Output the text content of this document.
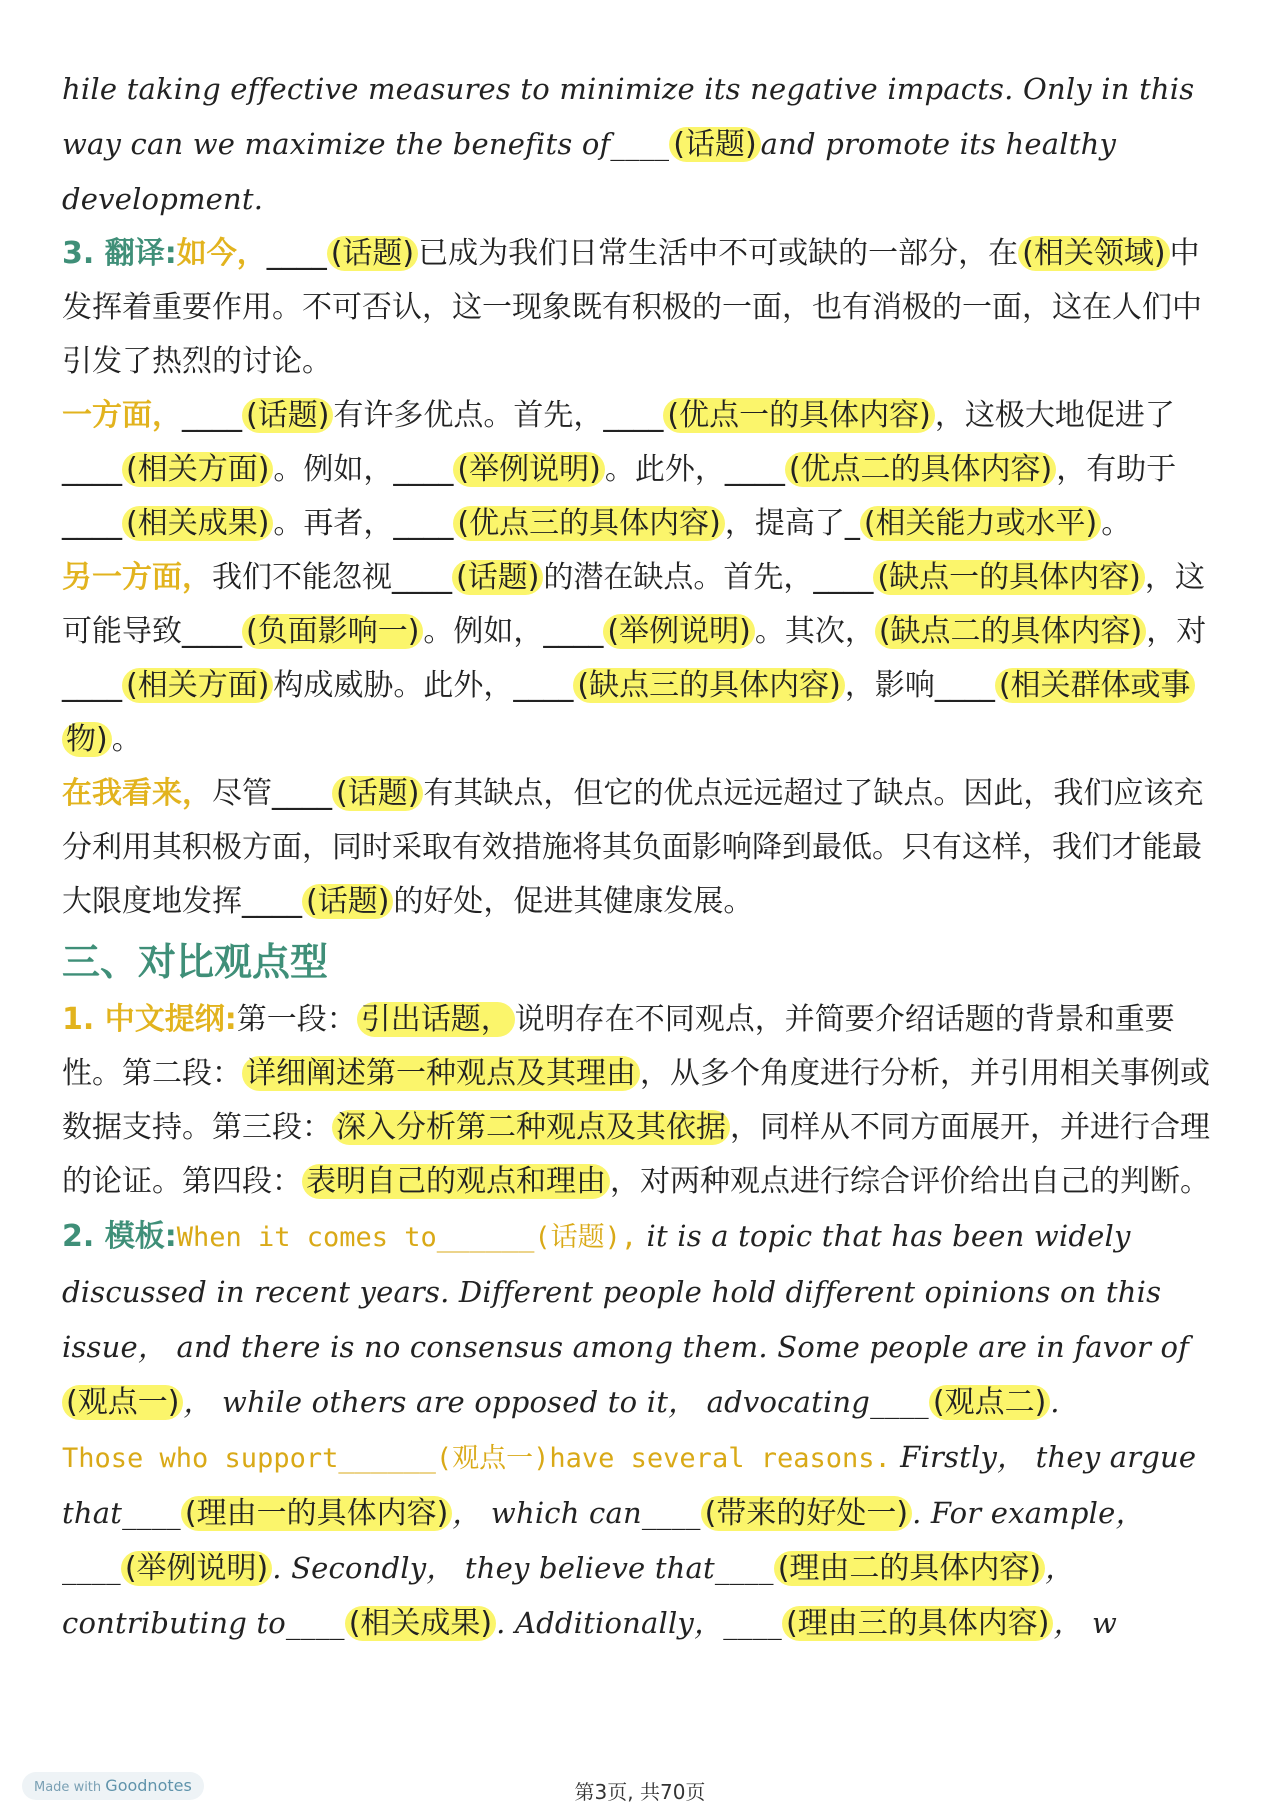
hile taking effective measures to minimize its negative impacts. Only in this way can we maximize the benefits of____ (话题) and promote its healthy development.
3. 翻译:如今，____ (话题) 已成为我们日常生活中不可或缺的一部分，在 (相关领域) 中发挥着重要作用。不可否认，这一现象既有积极的一面，也有消极的一面，这在人们中引发了热烈的讨论。
一方面，____ (话题) 有许多优点。首先，____ (优点一的具体内容) ，这极大地促进了____ (相关方面) 。例如，____ (举例说明) 。此外，____ (优点二的具体内容) ，有助于____ (相关成果) 。再者，____ (优点三的具体内容) ，提高了_ (相关能力或水平) 。
另一方面，我们不能忽视____ (话题) 的潜在缺点。首先，____ (缺点一的具体内容) ，这可能导致____ (负面影响一) 。例如，____ (举例说明) 。其次， (缺点二的具体内容) ，对____ (相关方面) 构成威胁。此外，____ (缺点三的具体内容) ，影响____ (相关群体或事物) 。
在我看来，尽管____ (话题) 有其缺点，但它的优点远远超过了缺点。因此，我们应该充分利用其积极方面，同时采取有效措施将其负面影响降到最低。只有这样，我们才能最大限度地发挥____ (话题) 的好处，促进其健康发展。
三、对比观点型
1. 中文提纲:第一段： 引出话题， 说明存在不同观点，并简要介绍话题的背景和重要性。第二段： 详细阐述第一种观点及其理由 ，从多个角度进行分析，并引用相关事例或数据支持。第三段： 深入分析第二种观点及其依据 ，同样从不同方面展开，并进行合理的论证。第四段： 表明自己的观点和理由 ，对两种观点进行综合评价给出自己的判断。
2. 模板:When it comes to______(话题), it is a topic that has been widely discussed in recent years. Different people hold different opinions on this issue， and there is no consensus among them. Some people are in favor of (观点一) ， while others are opposed to it， advocating____ (观点二) .
Those who support______(观点一)have several reasons. Firstly， they argue that____ (理由一的具体内容) ， which can____ (带来的好处一) . For example，____ (举例说明) . Secondly， they believe that____ (理由二的具体内容) ， contributing to____ (相关成果) . Additionally，____ (理由三的具体内容) ， w
Made with Goodnotes	第3页, 共70页
